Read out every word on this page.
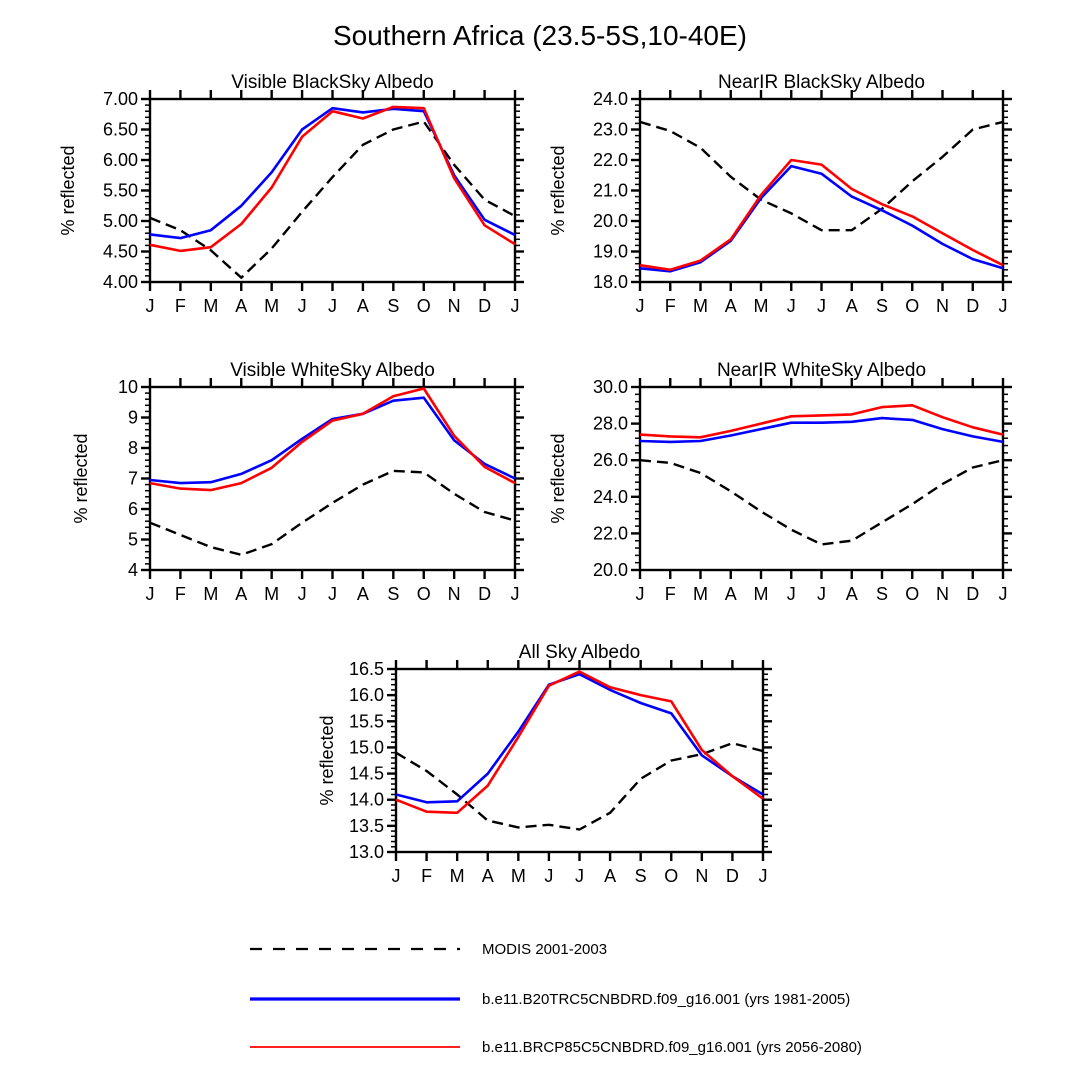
Southern Africa (23.5-5S,10-40E)
4.00
4.50
5.00
5.50
6.00
6.50
7.00
J F M A M J J A S O N D J
Visible BlackSky Albedo
% reflected
18.0
19.0
20.0
21.0
22.0
23.0
24.0
J F M A M J J A S O N D J
NearIR BlackSky Albedo
% reflected
4
5
6
7
8
9
10
J F M A M J J A S O N D J
Visible WhiteSky Albedo
% reflected
20.0
22.0
24.0
26.0
28.0
30.0
J F M A M J J A S O N D J
NearIR WhiteSky Albedo
% reflected
13.0
13.5
14.0
14.5
15.0
15.5
16.0
16.5
J F M A M J J A S O N D J
All Sky Albedo
% reflected
MODIS 2001-2003
b.e11.B20TRC5CNBDRD.f09_g16.001 (yrs 1981-2005)
b.e11.BRCP85C5CNBDRD.f09_g16.001 (yrs 2056-2080)
